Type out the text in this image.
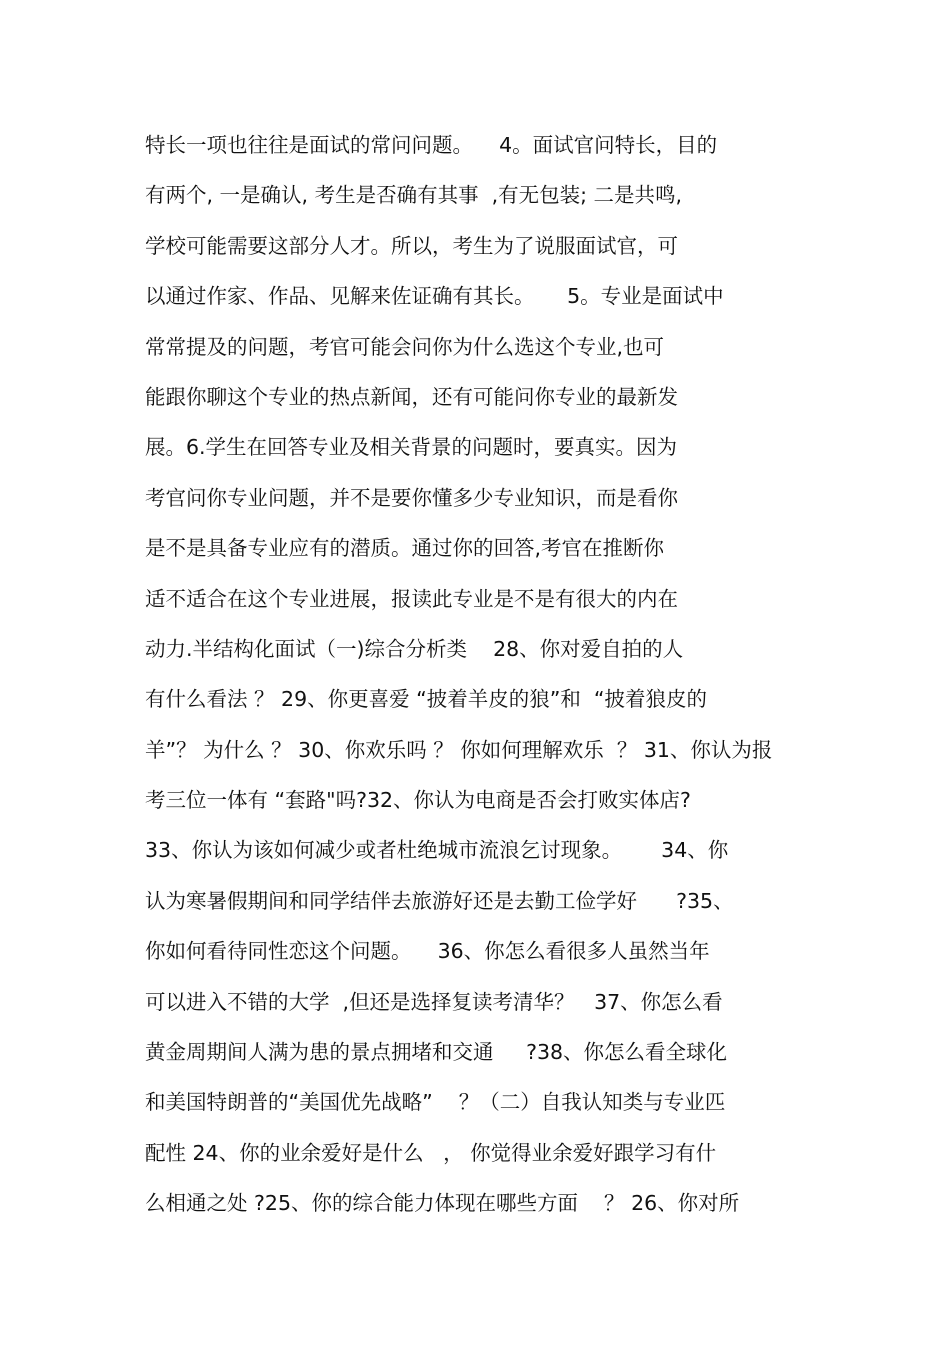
特长一项也往往是面试的常问问题。    4。面试官问特长，目的
有两个, 一是确认, 考生是否确有其事  ,有无包装; 二是共鸣,
学校可能需要这部分人才。所以，考生为了说服面试官，可
以通过作家、作品、见解来佐证确有其长。     5。专业是面试中
常常提及的问题，考官可能会问你为什么选这个专业,也可
能跟你聊这个专业的热点新闻，还有可能问你专业的最新发
展。6.学生在回答专业及相关背景的问题时，要真实。因为
考官问你专业问题，并不是要你懂多少专业知识，而是看你
是不是具备专业应有的潜质。通过你的回答,考官在推断你
适不适合在这个专业进展，报读此专业是不是有很大的内在
动力.半结构化面试（一)综合分析类    28、你对爱自拍的人
有什么看法 ？ 29、你更喜爱 “披着羊皮的狼”和  “披着狼皮的
羊”？ 为什么 ？ 30、你欢乐吗 ？ 你如何理解欢乐  ？ 31、你认为报
考三位一体有 “套路"吗?32、你认为电商是否会打败实体店?
33、你认为该如何减少或者杜绝城市流浪乞讨现象。      34、你
认为寒暑假期间和同学结伴去旅游好还是去勤工俭学好      ?35、
你如何看待同性恋这个问题。    36、你怎么看很多人虽然当年
可以进入不错的大学  ,但还是选择复读考清华？   37、你怎么看
黄金周期间人满为患的景点拥堵和交通     ?38、你怎么看全球化
和美国特朗普的“美国优先战略”    ？（二）自我认知类与专业匹
配性 24、你的业余爱好是什么   ， 你觉得业余爱好跟学习有什
么相通之处 ?25、你的综合能力体现在哪些方面    ？ 26、你对所
